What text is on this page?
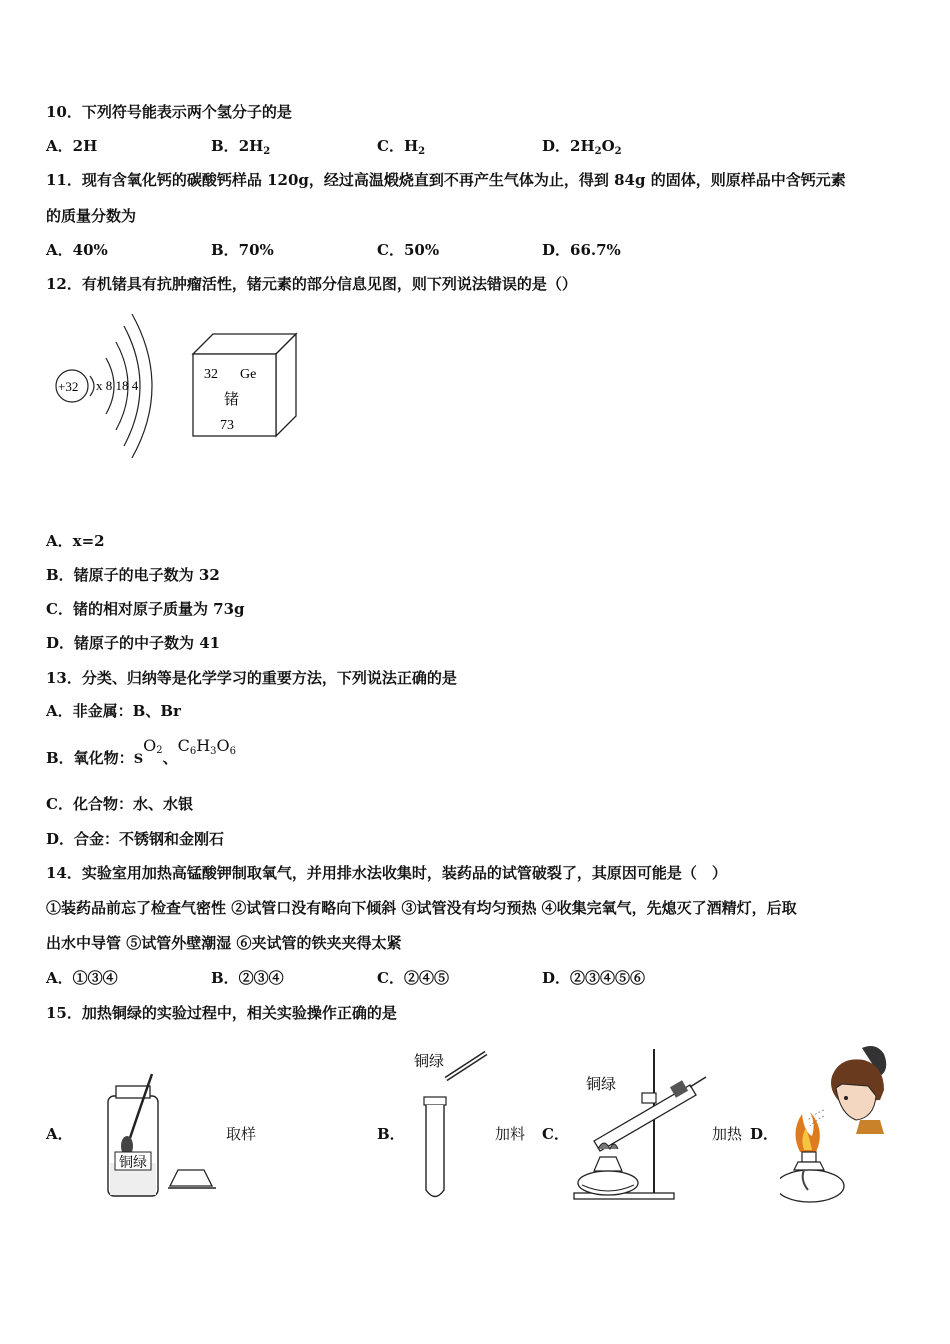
10．下列符号能表示两个氢分子的是
A．2H	B．$2H_2$	C．$H_2$	D．$2H_2O_2$
11．现有含氧化钙的碳酸钙样品 120g，经过高温煅烧直到不再产生气体为止，得到 84g 的固体，则原样品中含钙元素
的质量分数为
A．40%	B．70%	C．50%	D．66.7%
12．有机锗具有抗肿瘤活性，锗元素的部分信息见图，则下列说法错误的是（）
+32 x 8 18 4
32 Ge
锗
73
A．x=2
B．锗原子的电子数为 32
C．锗的相对原子质量为 73g
D．锗原子的中子数为 41
13．分类、归纳等是化学学习的重要方法，下列说法正确的是
A．非金属：B、Br
B．氧化物：$SO_2$、$C_6H_3O_6$
C．化合物：水、水银
D．合金：不锈钢和金刚石
14．实验室用加热高锰酸钾制取氧气，并用排水法收集时，装药品的试管破裂了，其原因可能是（　）
①装药品前忘了检查气密性 ②试管口没有略向下倾斜 ③试管没有均匀预热 ④收集完氧气，先熄灭了酒精灯，后取
出水中导管 ⑤试管外壁潮湿 ⑥夹试管的铁夹夹得太紧
A．①③④	B．②③④	C．②④⑤	D．②③④⑤⑥
15．加热铜绿的实验过程中，相关实验操作正确的是
A．	取样	B．	加料 C．	加热 D．
铜绿
铜绿
铜绿
